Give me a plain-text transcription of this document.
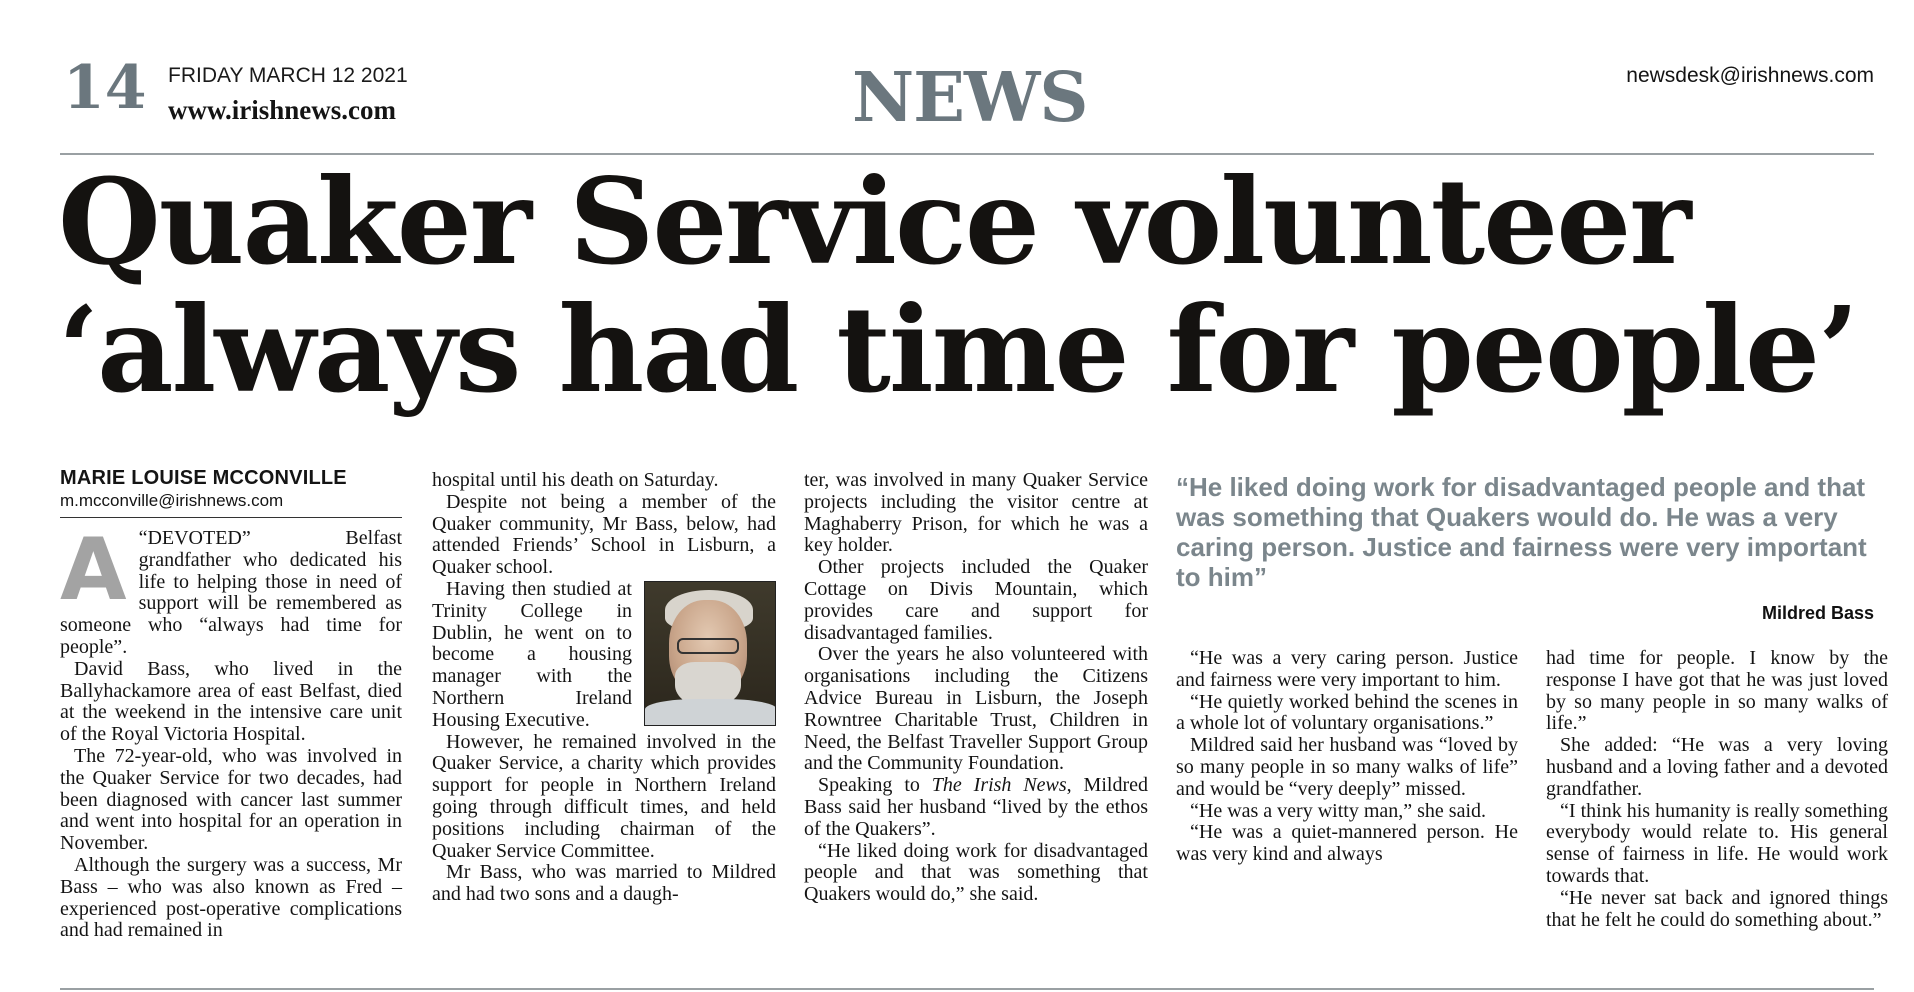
14 FRIDAY MARCH 12 2021
www.irishnews.com	NEWS	newsdesk@irishnews.com
Quaker Service volunteer
‘always had time for people’
MARIE LOUISE MCCONVILLE
m.mcconville@irishnews.com
A “DEVOTED” Belfast grandfather who dedicated his life to helping those in need of support will be remembered as someone who “always had time for people”.

David Bass, who lived in the Ballyhackamore area of east Belfast, died at the weekend in the intensive care unit of the Royal Victoria Hospital.

The 72-year-old, who was involved in the Quaker Service for two decades, had been diagnosed with cancer last summer and went into hospital for an operation in November.

Although the surgery was a success, Mr Bass – who was also known as Fred – experienced post-operative complications and had remained in

hospital until his death on Saturday.

Despite not being a member of the Quaker community, Mr Bass, below, had attended Friends’ School in Lisburn, a Quaker school.

Having then studied at Trinity College in Dublin, he went on to become a housing manager with the Northern Ireland Housing Executive.

However, he remained involved in the Quaker Service, a charity which provides support for people in Northern Ireland going through difficult times, and held positions including chairman of the Quaker Service Committee.

Mr Bass, who was married to Mildred and had two sons and a daugh-

ter, was involved in many Quaker Service projects including the visitor centre at Maghaberry Prison, for which he was a key holder.

Other projects included the Quaker Cottage on Divis Mountain, which provides care and support for disadvantaged families.

Over the years he also volunteered with organisations including the Citizens Advice Bureau in Lisburn, the Joseph Rowntree Charitable Trust, Children in Need, the Belfast Traveller Support Group and the Community Foundation.

Speaking to The Irish News, Mildred Bass said her husband “lived by the ethos of the Quakers”.

“He liked doing work for disadvantaged people and that was something that Quakers would do,” she said.

“He liked doing work for disadvantaged people and that was something that Quakers would do. He was a very caring person. Justice and fairness were very important to him”
Mildred Bass

“He was a very caring person. Justice and fairness were very important to him.

“He quietly worked behind the scenes in a whole lot of voluntary organisations.”

Mildred said her husband was “loved by so many people in so many walks of life” and would be “very deeply” missed.

“He was a very witty man,” she said.

“He was a quiet-mannered person. He was very kind and always

had time for people. I know by the response I have got that he was just loved by so many people in so many walks of life.”

She added: “He was a very loving husband and a loving father and a devoted grandfather.

“I think his humanity is really something everybody would relate to. His general sense of fairness in life. He would work towards that.

“He never sat back and ignored things that he felt he could do something about.”
